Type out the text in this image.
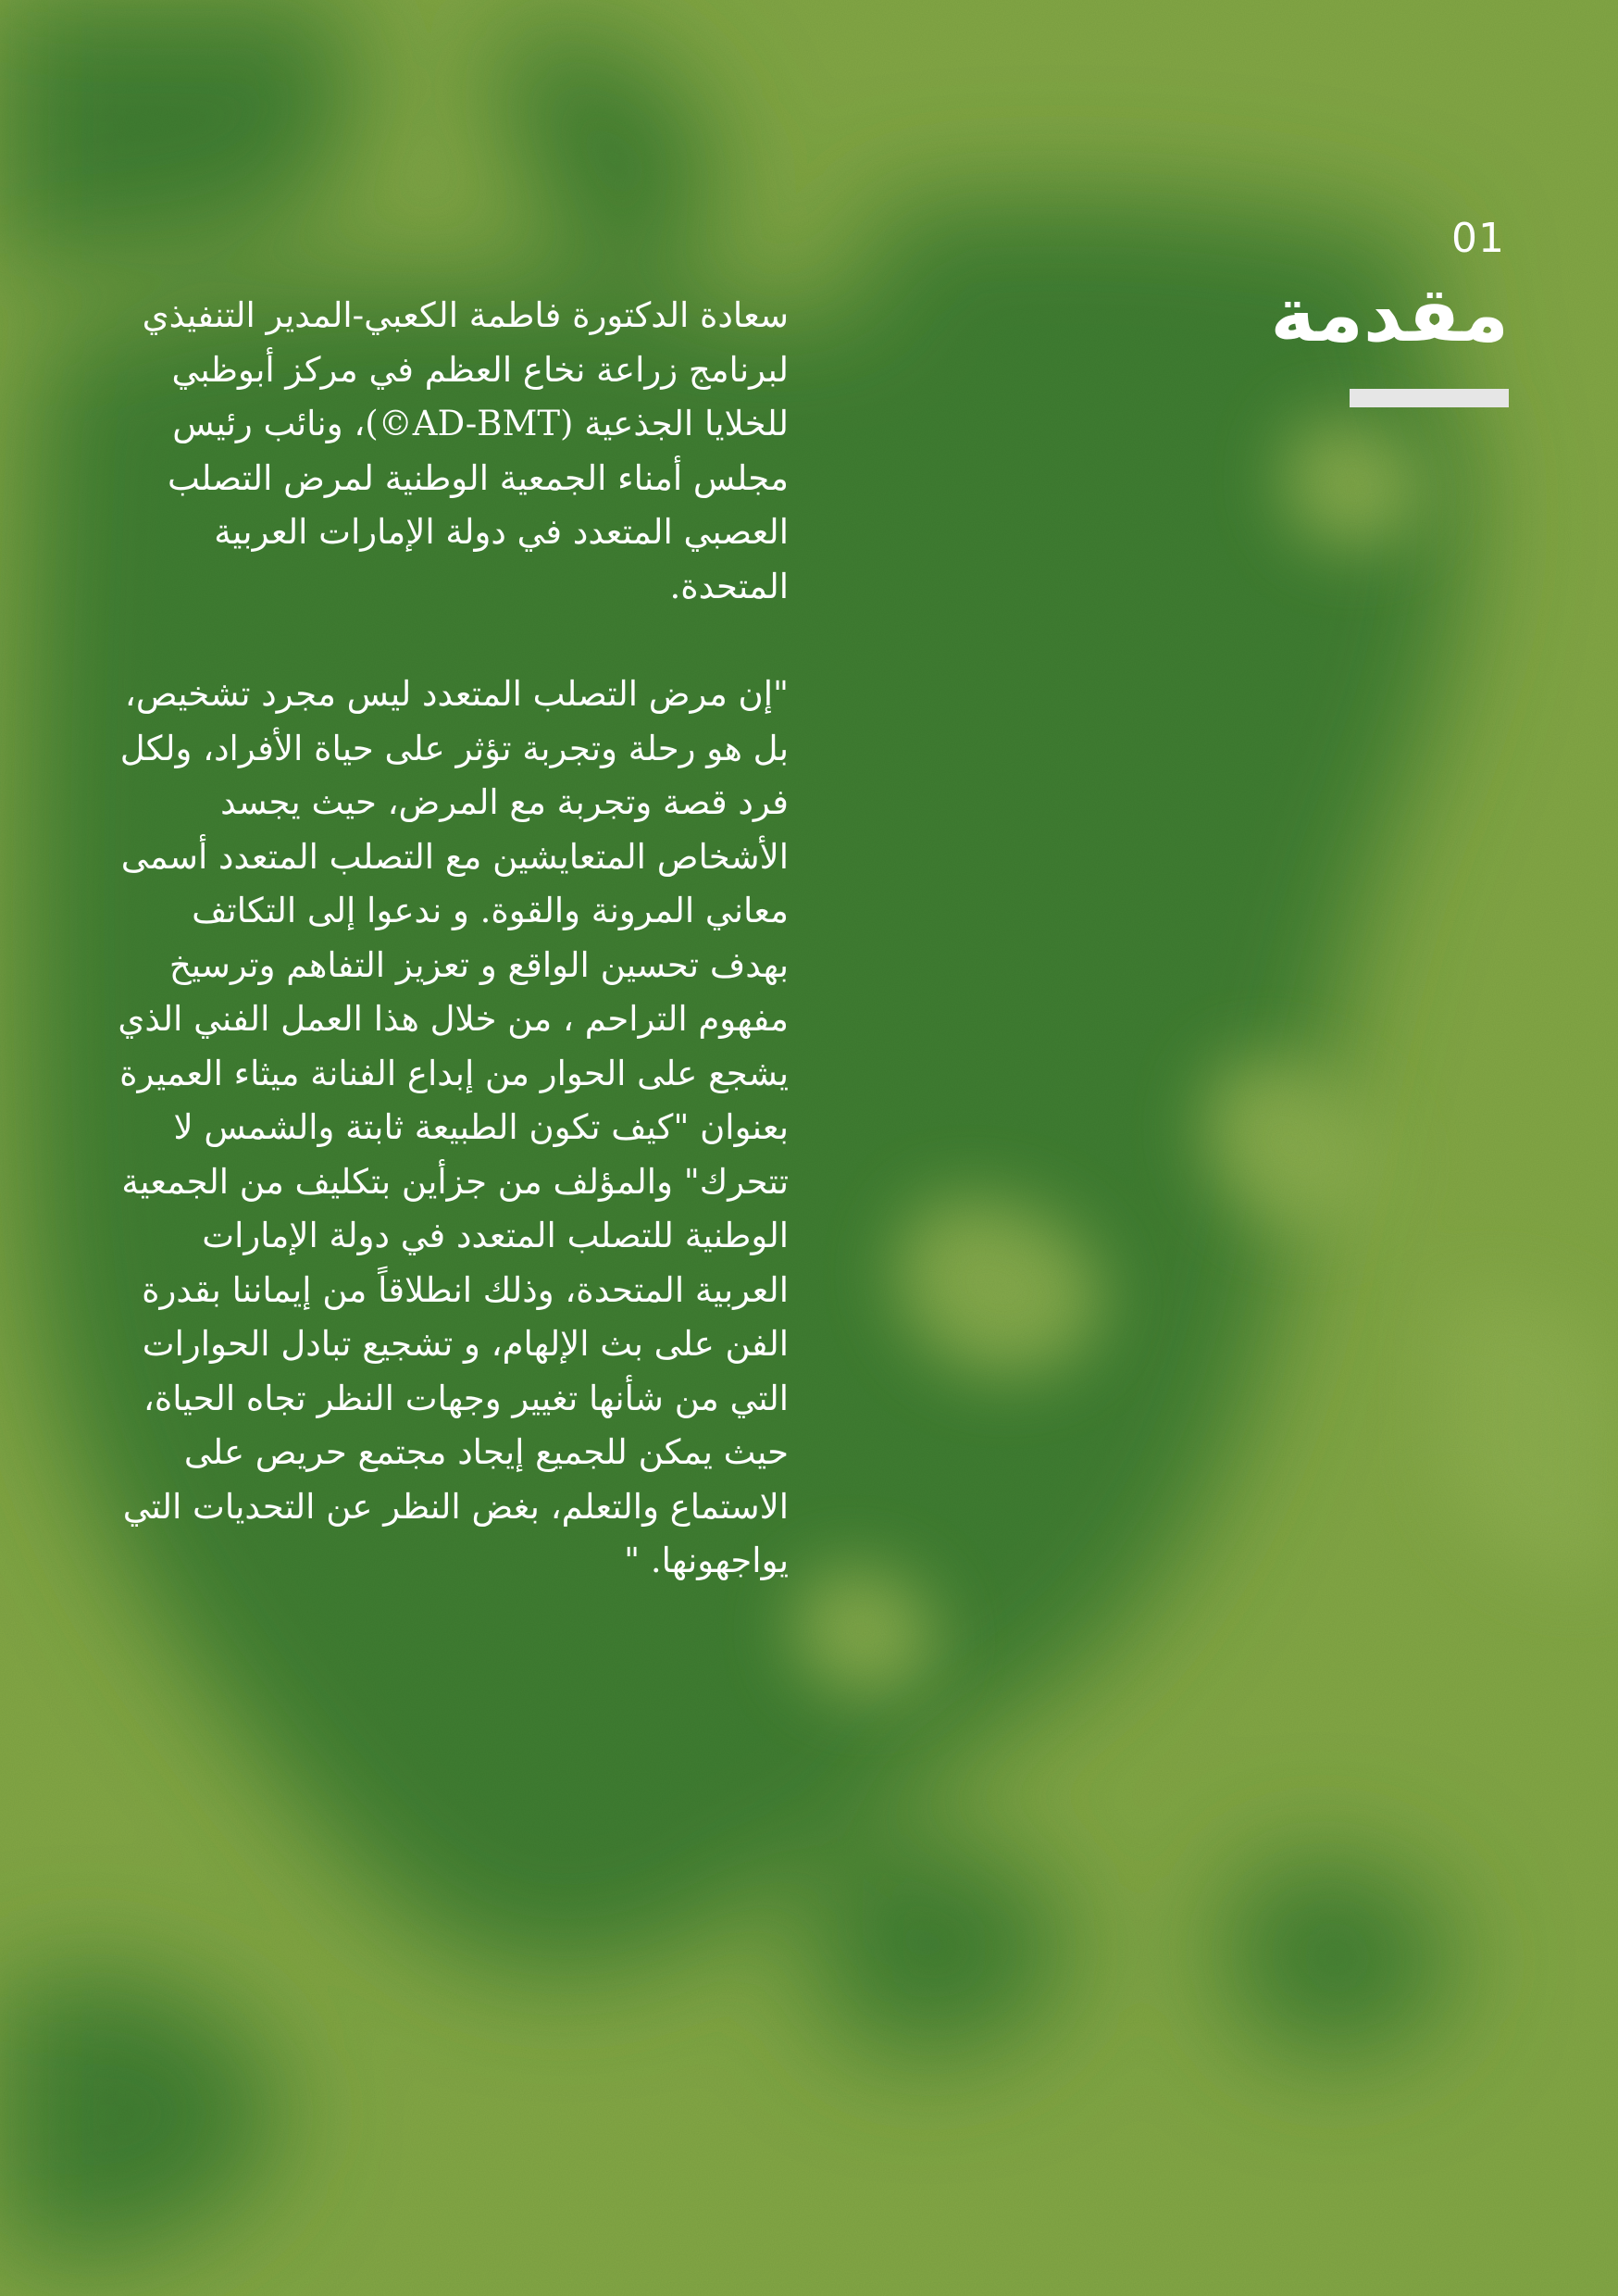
01
مقدمة

سعادة الدكتورة فاطمة الكعبي-المدير التنفيذي لبرنامج زراعة نخاع العظم في مركز أبوظبي للخلايا الجذعية (AD-BMT©)، ونائب رئيس مجلس أمناء الجمعية الوطنية لمرض التصلب العصبي المتعدد في دولة الإمارات العربية المتحدة.

"إن مرض التصلب المتعدد ليس مجرد تشخيص، بل هو رحلة وتجربة تؤثر على حياة الأفراد، ولكل فرد قصة وتجربة مع المرض، حيث يجسد الأشخاص المتعايشين مع التصلب المتعدد أسمى معاني المرونة والقوة. و ندعوا إلى التكاتف بهدف تحسين الواقع و تعزيز التفاهم وترسيخ مفهوم التراحم ، من خلال هذا العمل الفني الذي يشجع على الحوار من إبداع الفنانة ميثاء العميرة بعنوان "كيف تكون الطبيعة ثابتة والشمس لا تتحرك" والمؤلف من جزأين بتكليف من الجمعية الوطنية للتصلب المتعدد في دولة الإمارات العربية المتحدة، وذلك انطلاقاً من إيماننا بقدرة الفن على بث الإلهام، و تشجيع تبادل الحوارات التي من شأنها تغيير وجهات النظر تجاه الحياة، حيث يمكن للجميع إيجاد مجتمع حريص على الاستماع والتعلم، بغض النظر عن التحديات التي يواجهونها. "
